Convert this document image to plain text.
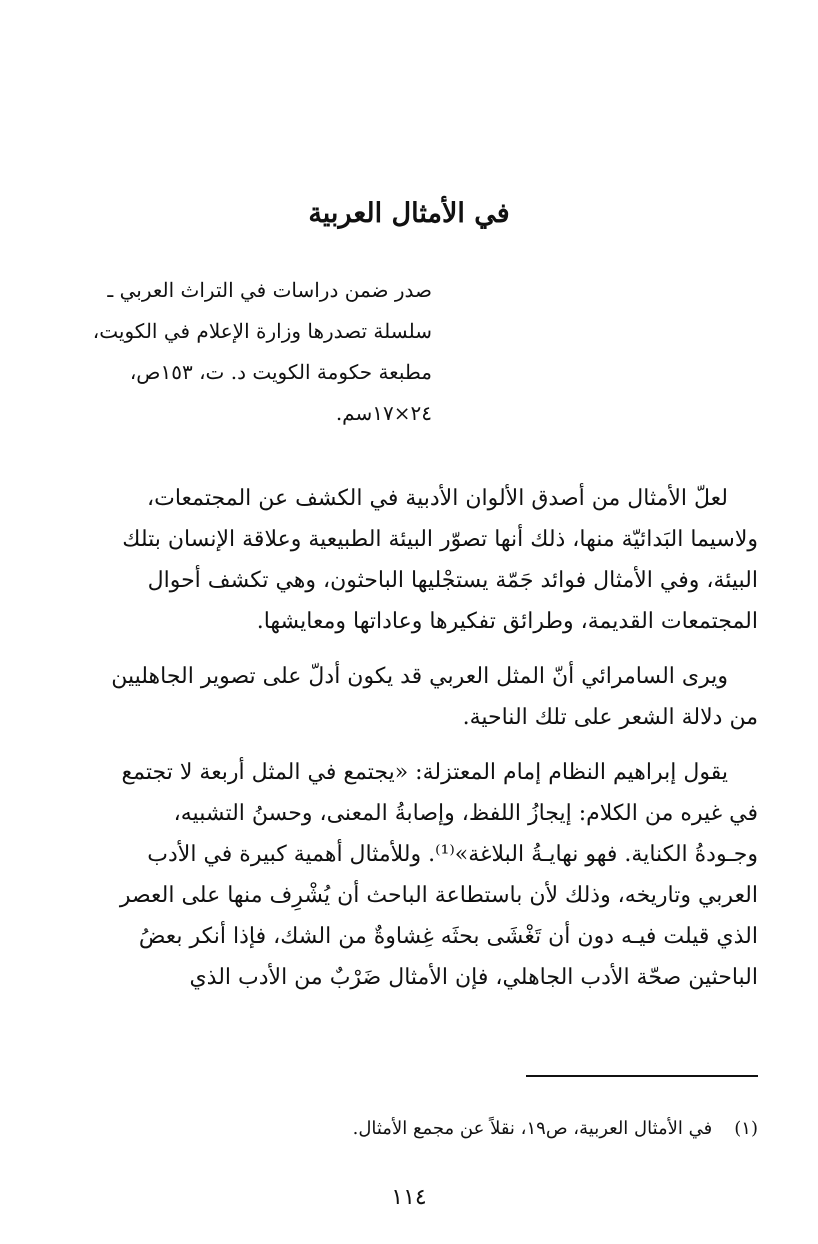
في الأمثال العربية
صدر ضمن دراسات في التراث العربي ـ
سلسلة تصدرها وزارة الإعلام في الكويت،
مطبعة حكومة الكويت د. ت، ١٥٣ص،
٢٤×١٧سم.

لعلّ الأمثال من أصدق الألوان الأدبية في الكشف عن المجتمعات،
ولاسيما البَدائيّة منها، ذلك أنها تصوّر البيئة الطبيعية وعلاقة الإنسان بتلك
البيئة، وفي الأمثال فوائد جَمّة يستجْليها الباحثون، وهي تكشف أحوال
المجتمعات القديمة، وطرائق تفكيرها وعاداتها ومعايشها.

ويرى السامرائي أنّ المثل العربي قد يكون أدلّ على تصوير الجاهليين
من دلالة الشعر على تلك الناحية.

يقول إبراهيم النظام إمام المعتزلة: «يجتمع في المثل أربعة لا تجتمع
في غيره من الكلام: إيجازُ اللفظ، وإصابةُ المعنى، وحسنُ التشبيه،
وجـودةُ الكناية. فهو نهايـةُ البلاغة»⁽¹⁾. وللأمثال أهمية كبيرة في الأدب
العربي وتاريخه، وذلك لأن باستطاعة الباحث أن يُشْرِف منها على العصر
الذي قيلت فيـه دون أن تَغْشَى بحثَه غِشاوةٌ من الشك، فإذا أنكر بعضُ
الباحثين صحّة الأدب الجاهلي، فإن الأمثال ضَرْبٌ من الأدب الذي

(١)في الأمثال العربية، ص١٩، نقلاً عن مجمع الأمثال.
١١٤
